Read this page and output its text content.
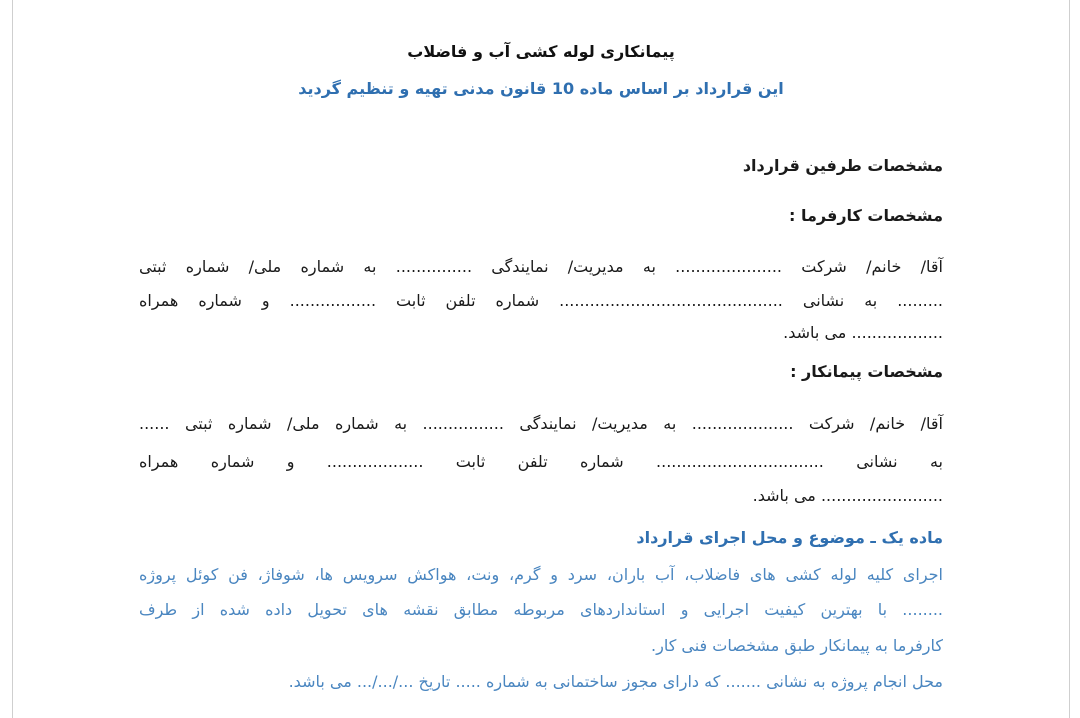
پیمانکاری لوله کشی آب و فاضلاب
این قرارداد بر اساس ماده 10 قانون مدنی تهیه و تنظیم گردید
مشخصات طرفین قرارداد
مشخصات کارفرما :
آقا/ خانم/ شرکت ..................... به مدیریت/ نمایندگی ............... به شماره ملی/ شماره ثبتی
......... به نشانی ............................................ شماره تلفن ثابت ................. و شماره همراه
.................. می باشد.
مشخصات پیمانکار :
آقا/ خانم/ شرکت .................... به مدیریت/ نمایندگی ................ به شماره ملی/ شماره ثبتی ......
به نشانی ................................. شماره تلفن ثابت ................... و شماره همراه
........................ می باشد.
ماده یک ـ موضوع و محل اجرای قرارداد
اجرای کلیه لوله کشی های فاضلاب، آب باران، سرد و گرم، ونت، هواکش سرویس ها، شوفاژ، فن کوئل پروژه
........ با بهترین کیفیت اجرایی و استانداردهای مربوطه مطابق نقشه های تحویل داده شده از طرف
کارفرما به پیمانکار طبق مشخصات فنی کار.
محل انجام پروژه به نشانی ....... که دارای مجوز ساختمانی به شماره ..... تاریخ .../.../... می باشد.
